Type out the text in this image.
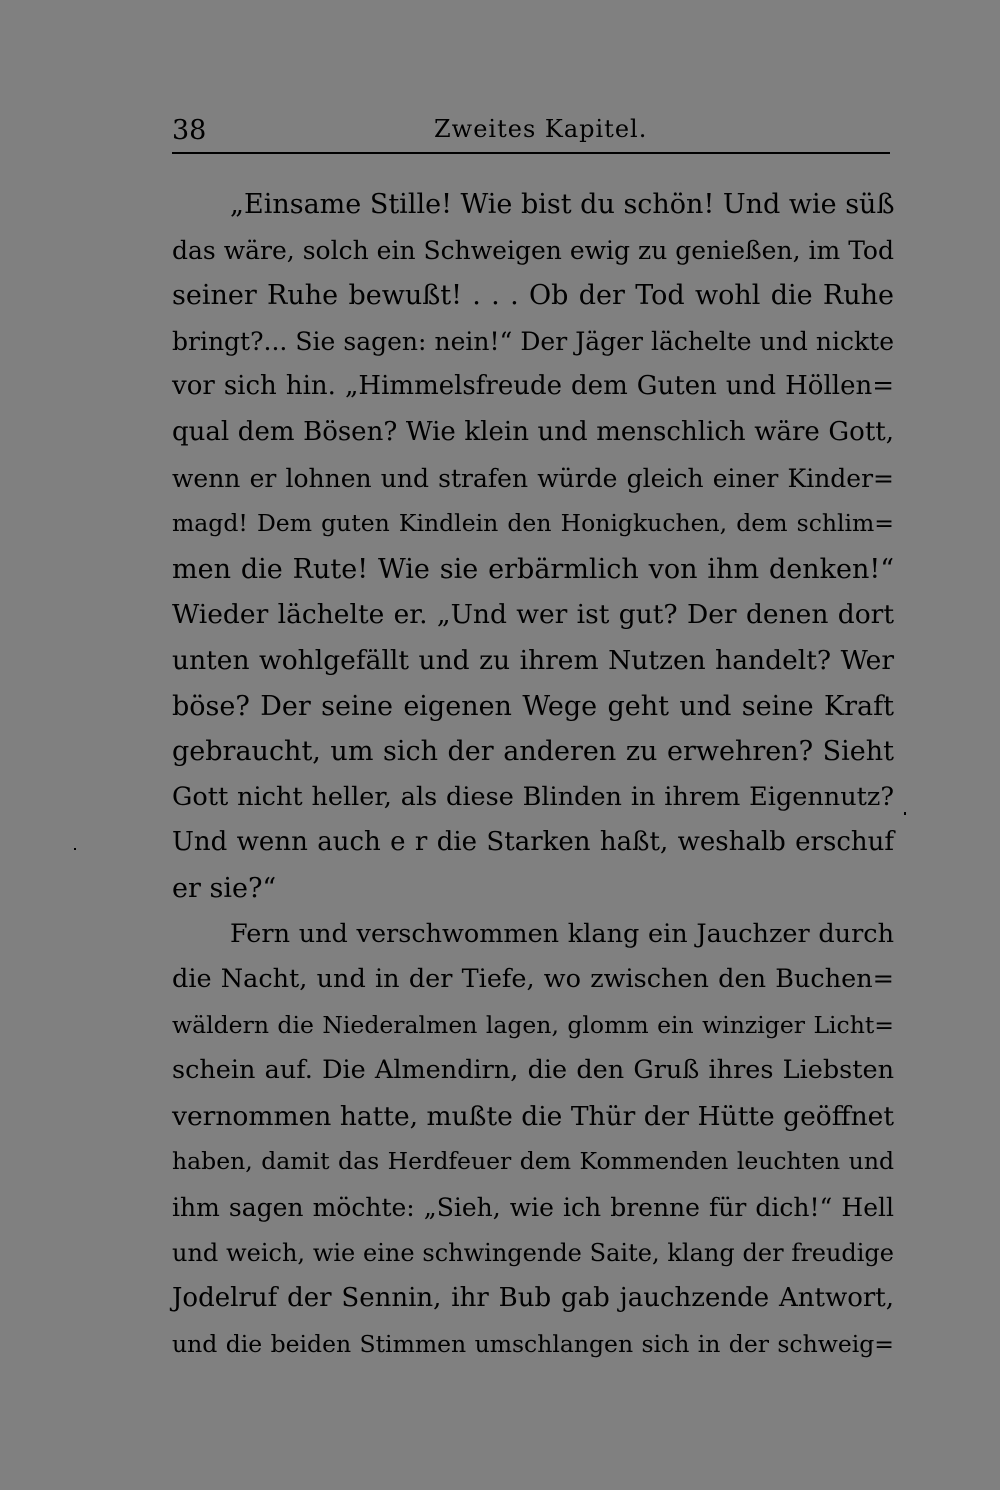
38	Zweites Kapitel.
„Einsame Stille! Wie bist du schön! Und wie süß
das wäre, solch ein Schweigen ewig zu genießen, im Tod
seiner Ruhe bewußt! . . . Ob der Tod wohl die Ruhe
bringt?... Sie sagen: nein!“ Der Jäger lächelte und nickte
vor sich hin. „Himmelsfreude dem Guten und Höllen=
qual dem Bösen? Wie klein und menschlich wäre Gott,
wenn er lohnen und strafen würde gleich einer Kinder=
magd! Dem guten Kindlein den Honigkuchen, dem schlim=
men die Rute! Wie sie erbärmlich von ihm denken!“
Wieder lächelte er. „Und wer ist gut? Der denen dort
unten wohlgefällt und zu ihrem Nutzen handelt? Wer
böse? Der seine eigenen Wege geht und seine Kraft
gebraucht, um sich der anderen zu erwehren? Sieht
Gott nicht heller, als diese Blinden in ihrem Eigennutz?
Und wenn auch e r die Starken haßt, weshalb erschuf
er sie?“
Fern und verschwommen klang ein Jauchzer durch
die Nacht, und in der Tiefe, wo zwischen den Buchen=
wäldern die Niederalmen lagen, glomm ein winziger Licht=
schein auf. Die Almendirn, die den Gruß ihres Liebsten
vernommen hatte, mußte die Thür der Hütte geöffnet
haben, damit das Herdfeuer dem Kommenden leuchten und
ihm sagen möchte: „Sieh, wie ich brenne für dich!“ Hell
und weich, wie eine schwingende Saite, klang der freudige
Jodelruf der Sennin, ihr Bub gab jauchzende Antwort,
und die beiden Stimmen umschlangen sich in der schweig=
